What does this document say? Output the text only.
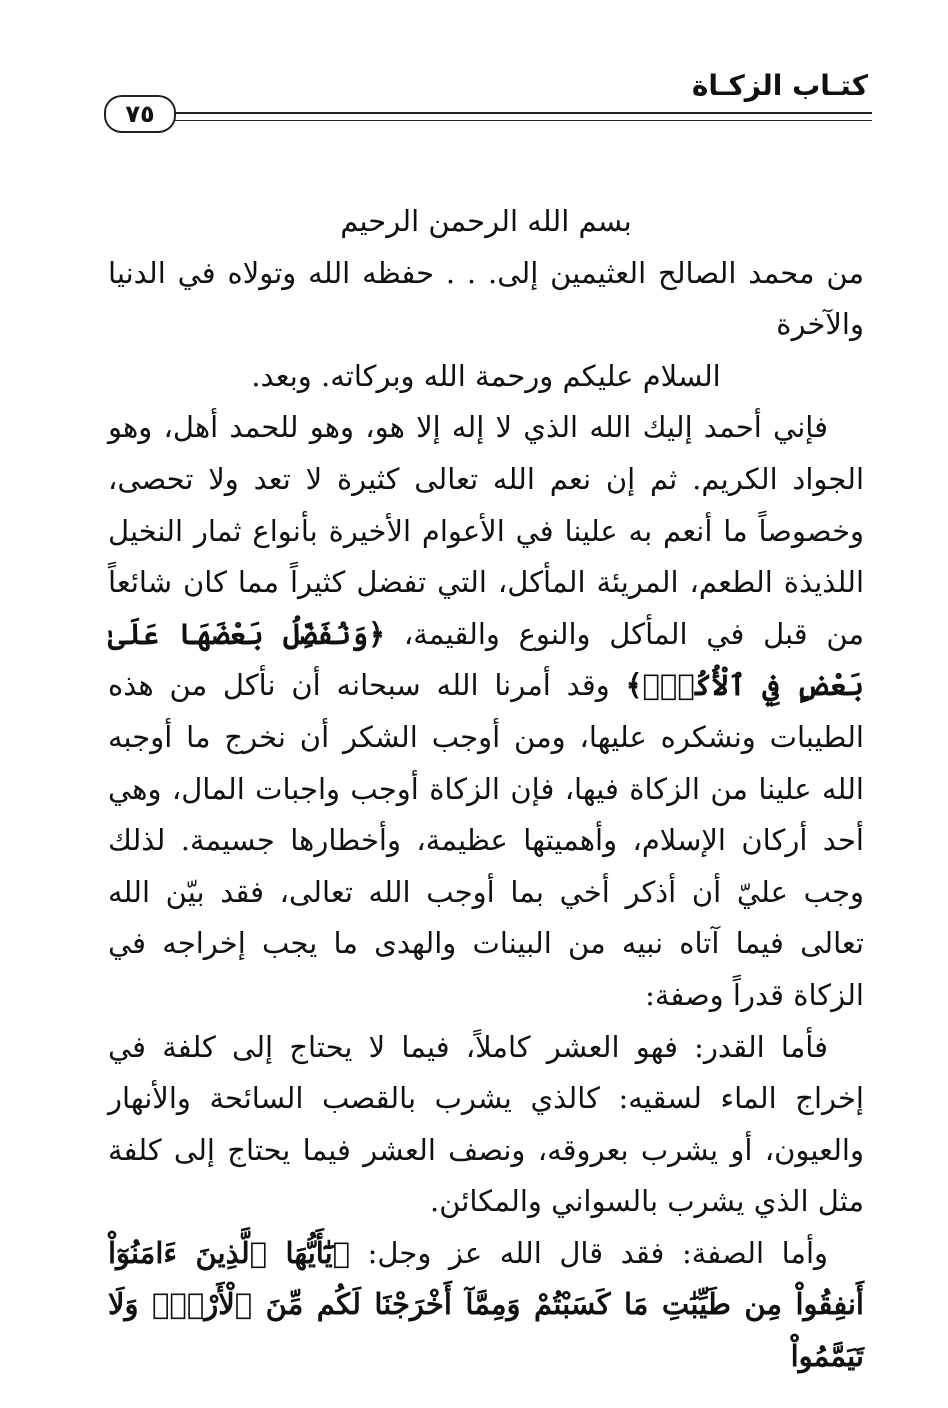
كتـاب الزكـاة
٧٥

بسم الله الرحمن الرحيم

من محمد الصالح العثيمين إلى. . . حفظه الله وتولاه في الدنيا والآخرة

السلام عليكم ورحمة الله وبركاته. وبعد.

فإني أحمد إليك الله الذي لا إله إلا هو، وهو للحمد أهل، وهو الجواد الكريم. ثم إن نعم الله تعالى كثيرة لا تعد ولا تحصى، وخصوصاً ما أنعم به علينا في الأعوام الأخيرة بأنواع ثمار النخيل اللذيذة الطعم، المريئة المأكل، التي تفضل كثيراً مما كان شائعاً من قبل في المأكل والنوع والقيمة، ﴿وَنُفَضِّلُ بَعْضَهَا عَلَىٰ بَعْضٍ فِي ٱلْأُكُلِۚ﴾ وقد أمرنا الله سبحانه أن نأكل من هذه الطيبات ونشكره عليها، ومن أوجب الشكر أن نخرج ما أوجبه الله علينا من الزكاة فيها، فإن الزكاة أوجب واجبات المال، وهي أحد أركان الإسلام، وأهميتها عظيمة، وأخطارها جسيمة. لذلك وجب عليّ أن أذكر أخي بما أوجب الله تعالى، فقد بيّن الله تعالى فيما آتاه نبيه من البينات والهدى ما يجب إخراجه في الزكاة قدراً وصفة:

فأما القدر: فهو العشر كاملاً، فيما لا يحتاج إلى كلفة في إخراج الماء لسقيه: كالذي يشرب بالقصب السائحة والأنهار والعيون، أو يشرب بعروقه، ونصف العشر فيما يحتاج إلى كلفة مثل الذي يشرب بالسواني والمكائن.

وأما الصفة: فقد قال الله عز وجل: ﴿يَٰٓأَيُّهَا ٱلَّذِينَ ءَامَنُوٓاْ أَنفِقُواْ مِن طَيِّبَٰتِ مَا كَسَبْتُمْ وَمِمَّآ أَخْرَجْنَا لَكُم مِّنَ ٱلْأَرْضِۖ وَلَا تَيَمَّمُواْ
